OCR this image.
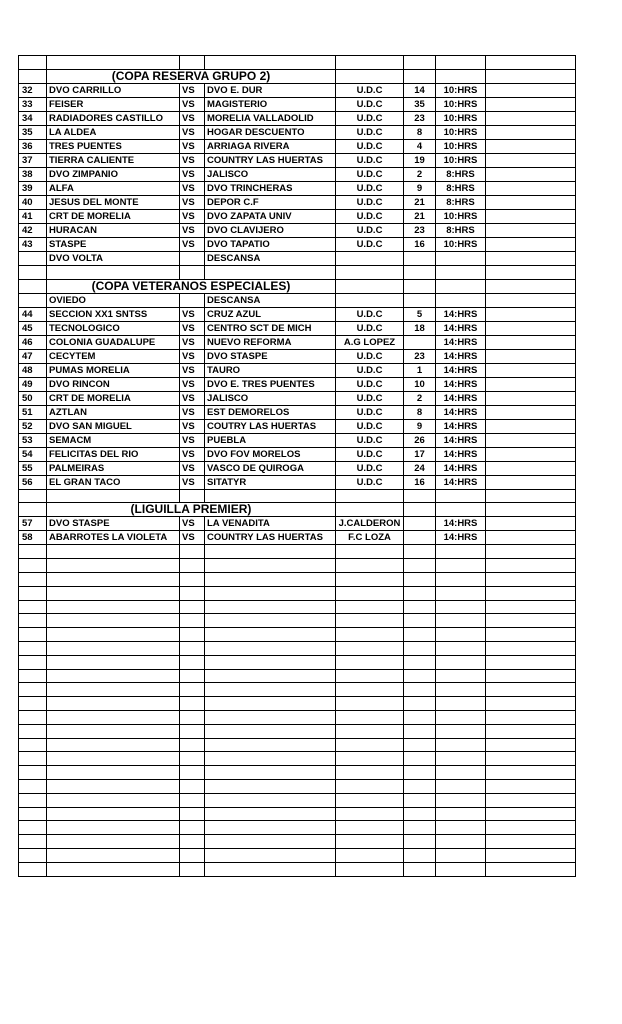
	(COPA RESERVA GRUPO 2)						
32	DVO CARRILLO	VS	DVO E. DUR	U.D.C	14	10:HRS	
33	FEISER	VS	MAGISTERIO	U.D.C	35	10:HRS	
34	RADIADORES CASTILLO	VS	MORELIA VALLADOLID	U.D.C	23	10:HRS	
35	LA ALDEA	VS	HOGAR DESCUENTO	U.D.C	8	10:HRS	
36	TRES PUENTES	VS	ARRIAGA RIVERA	U.D.C	4	10:HRS	
37	TIERRA CALIENTE	VS	COUNTRY LAS HUERTAS	U.D.C	19	10:HRS	
38	DVO ZIMPANIO	VS	JALISCO	U.D.C	2	8:HRS	
39	ALFA	VS	DVO TRINCHERAS	U.D.C	9	8:HRS	
40	JESUS DEL MONTE	VS	DEPOR C.F	U.D.C	21	8:HRS	
41	CRT DE MORELIA	VS	DVO ZAPATA UNIV	U.D.C	21	10:HRS	
42	HURACAN	VS	DVO CLAVIJERO	U.D.C	23	8:HRS	
43	STASPE	VS	DVO TAPATIO	U.D.C	16	10:HRS	
	DVO VOLTA		DESCANSA				

	(COPA VETERANOS ESPECIALES)						
	OVIEDO		DESCANSA				
44	SECCION XX1 SNTSS	VS	CRUZ AZUL	U.D.C	5	14:HRS	
45	TECNOLOGICO	VS	CENTRO SCT DE MICH	U.D.C	18	14:HRS	
46	COLONIA GUADALUPE	VS	NUEVO REFORMA	A.G LOPEZ		14:HRS	
47	CECYTEM	VS	DVO STASPE	U.D.C	23	14:HRS	
48	PUMAS MORELIA	VS	TAURO	U.D.C	1	14:HRS	
49	DVO RINCON	VS	DVO E. TRES PUENTES	U.D.C	10	14:HRS	
50	CRT DE MORELIA	VS	JALISCO	U.D.C	2	14:HRS	
51	AZTLAN	VS	EST DEMORELOS	U.D.C	8	14:HRS	
52	DVO SAN MIGUEL	VS	COUTRY LAS HUERTAS	U.D.C	9	14:HRS	
53	SEMACM	VS	PUEBLA	U.D.C	26	14:HRS	
54	FELICITAS DEL RIO	VS	DVO FOV MORELOS	U.D.C	17	14:HRS	
55	PALMEIRAS	VS	VASCO DE QUIROGA	U.D.C	24	14:HRS	
56	EL GRAN TACO	VS	SITATYR	U.D.C	16	14:HRS	

	(LIGUILLA PREMIER)						
57	DVO STASPE	VS	LA VENADITA	J.CALDERON		14:HRS	
58	ABARROTES LA VIOLETA	VS	COUNTRY LAS HUERTAS	F.C LOZA		14:HRS	
